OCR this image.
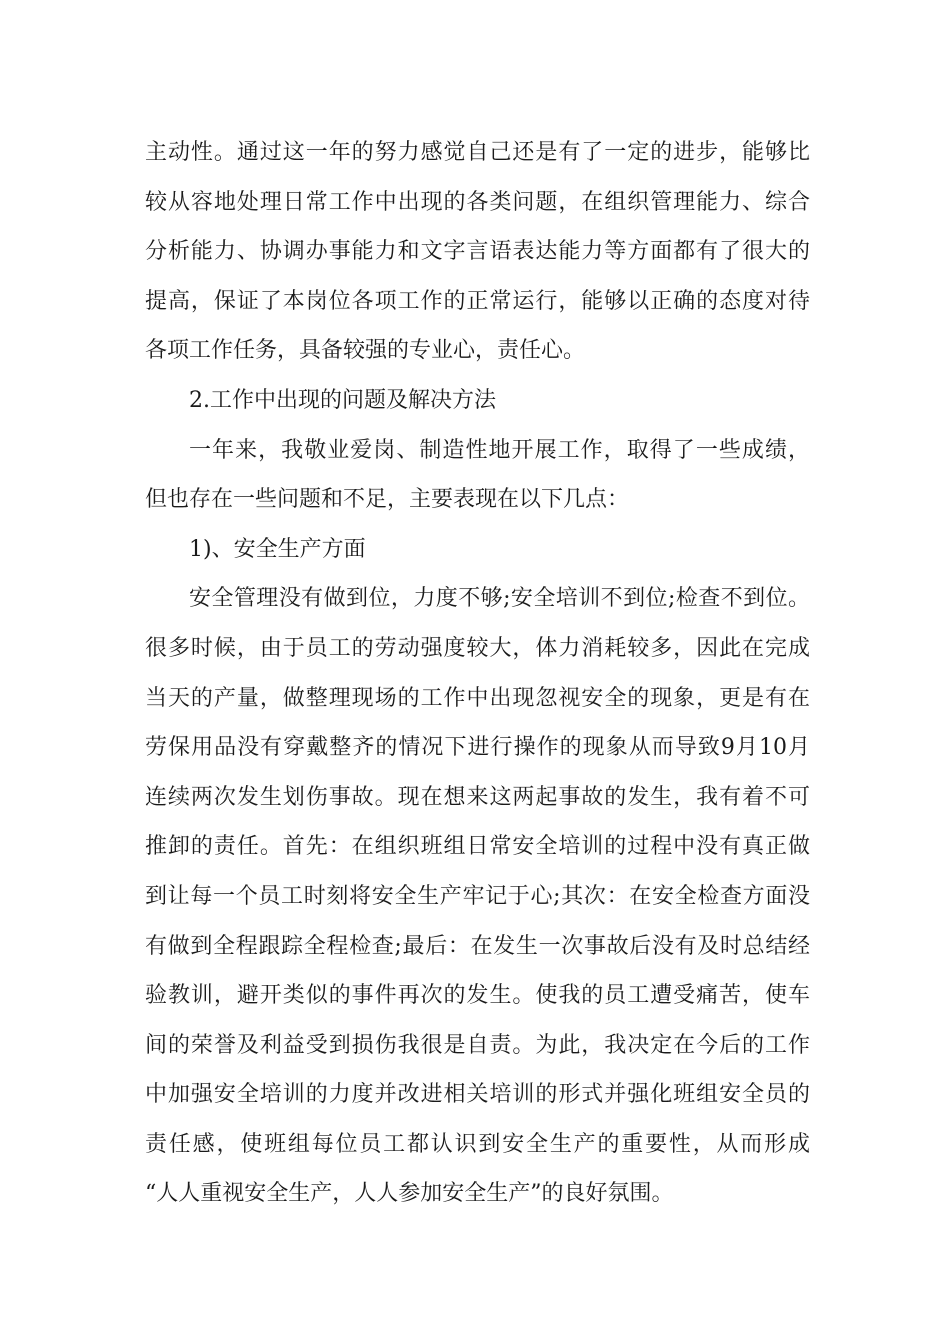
主动性。通过这一年的努力感觉自己还是有了一定的进步，能够比
较从容地处理日常工作中出现的各类问题，在组织管理能力、综合
分析能力、协调办事能力和文字言语表达能力等方面都有了很大的
提高，保证了本岗位各项工作的正常运行，能够以正确的态度对待
各项工作任务，具备较强的专业心，责任心。
2.工作中出现的问题及解决方法
一年来，我敬业爱岗、制造性地开展工作，取得了一些成绩，
但也存在一些问题和不足，主要表现在以下几点：
1)、安全生产方面
安全管理没有做到位，力度不够;安全培训不到位;检查不到位。
很多时候，由于员工的劳动强度较大，体力消耗较多，因此在完成
当天的产量，做整理现场的工作中出现忽视安全的现象，更是有在
劳保用品没有穿戴整齐的情况下进行操作的现象从而导致9月10月
连续两次发生划伤事故。现在想来这两起事故的发生，我有着不可
推卸的责任。首先：在组织班组日常安全培训的过程中没有真正做
到让每一个员工时刻将安全生产牢记于心;其次：在安全检查方面没
有做到全程跟踪全程检查;最后：在发生一次事故后没有及时总结经
验教训，避开类似的事件再次的发生。使我的员工遭受痛苦，使车
间的荣誉及利益受到损伤我很是自责。为此，我决定在今后的工作
中加强安全培训的力度并改进相关培训的形式并强化班组安全员的
责任感，使班组每位员工都认识到安全生产的重要性，从而形成
“人人重视安全生产，人人参加安全生产”的良好氛围。
